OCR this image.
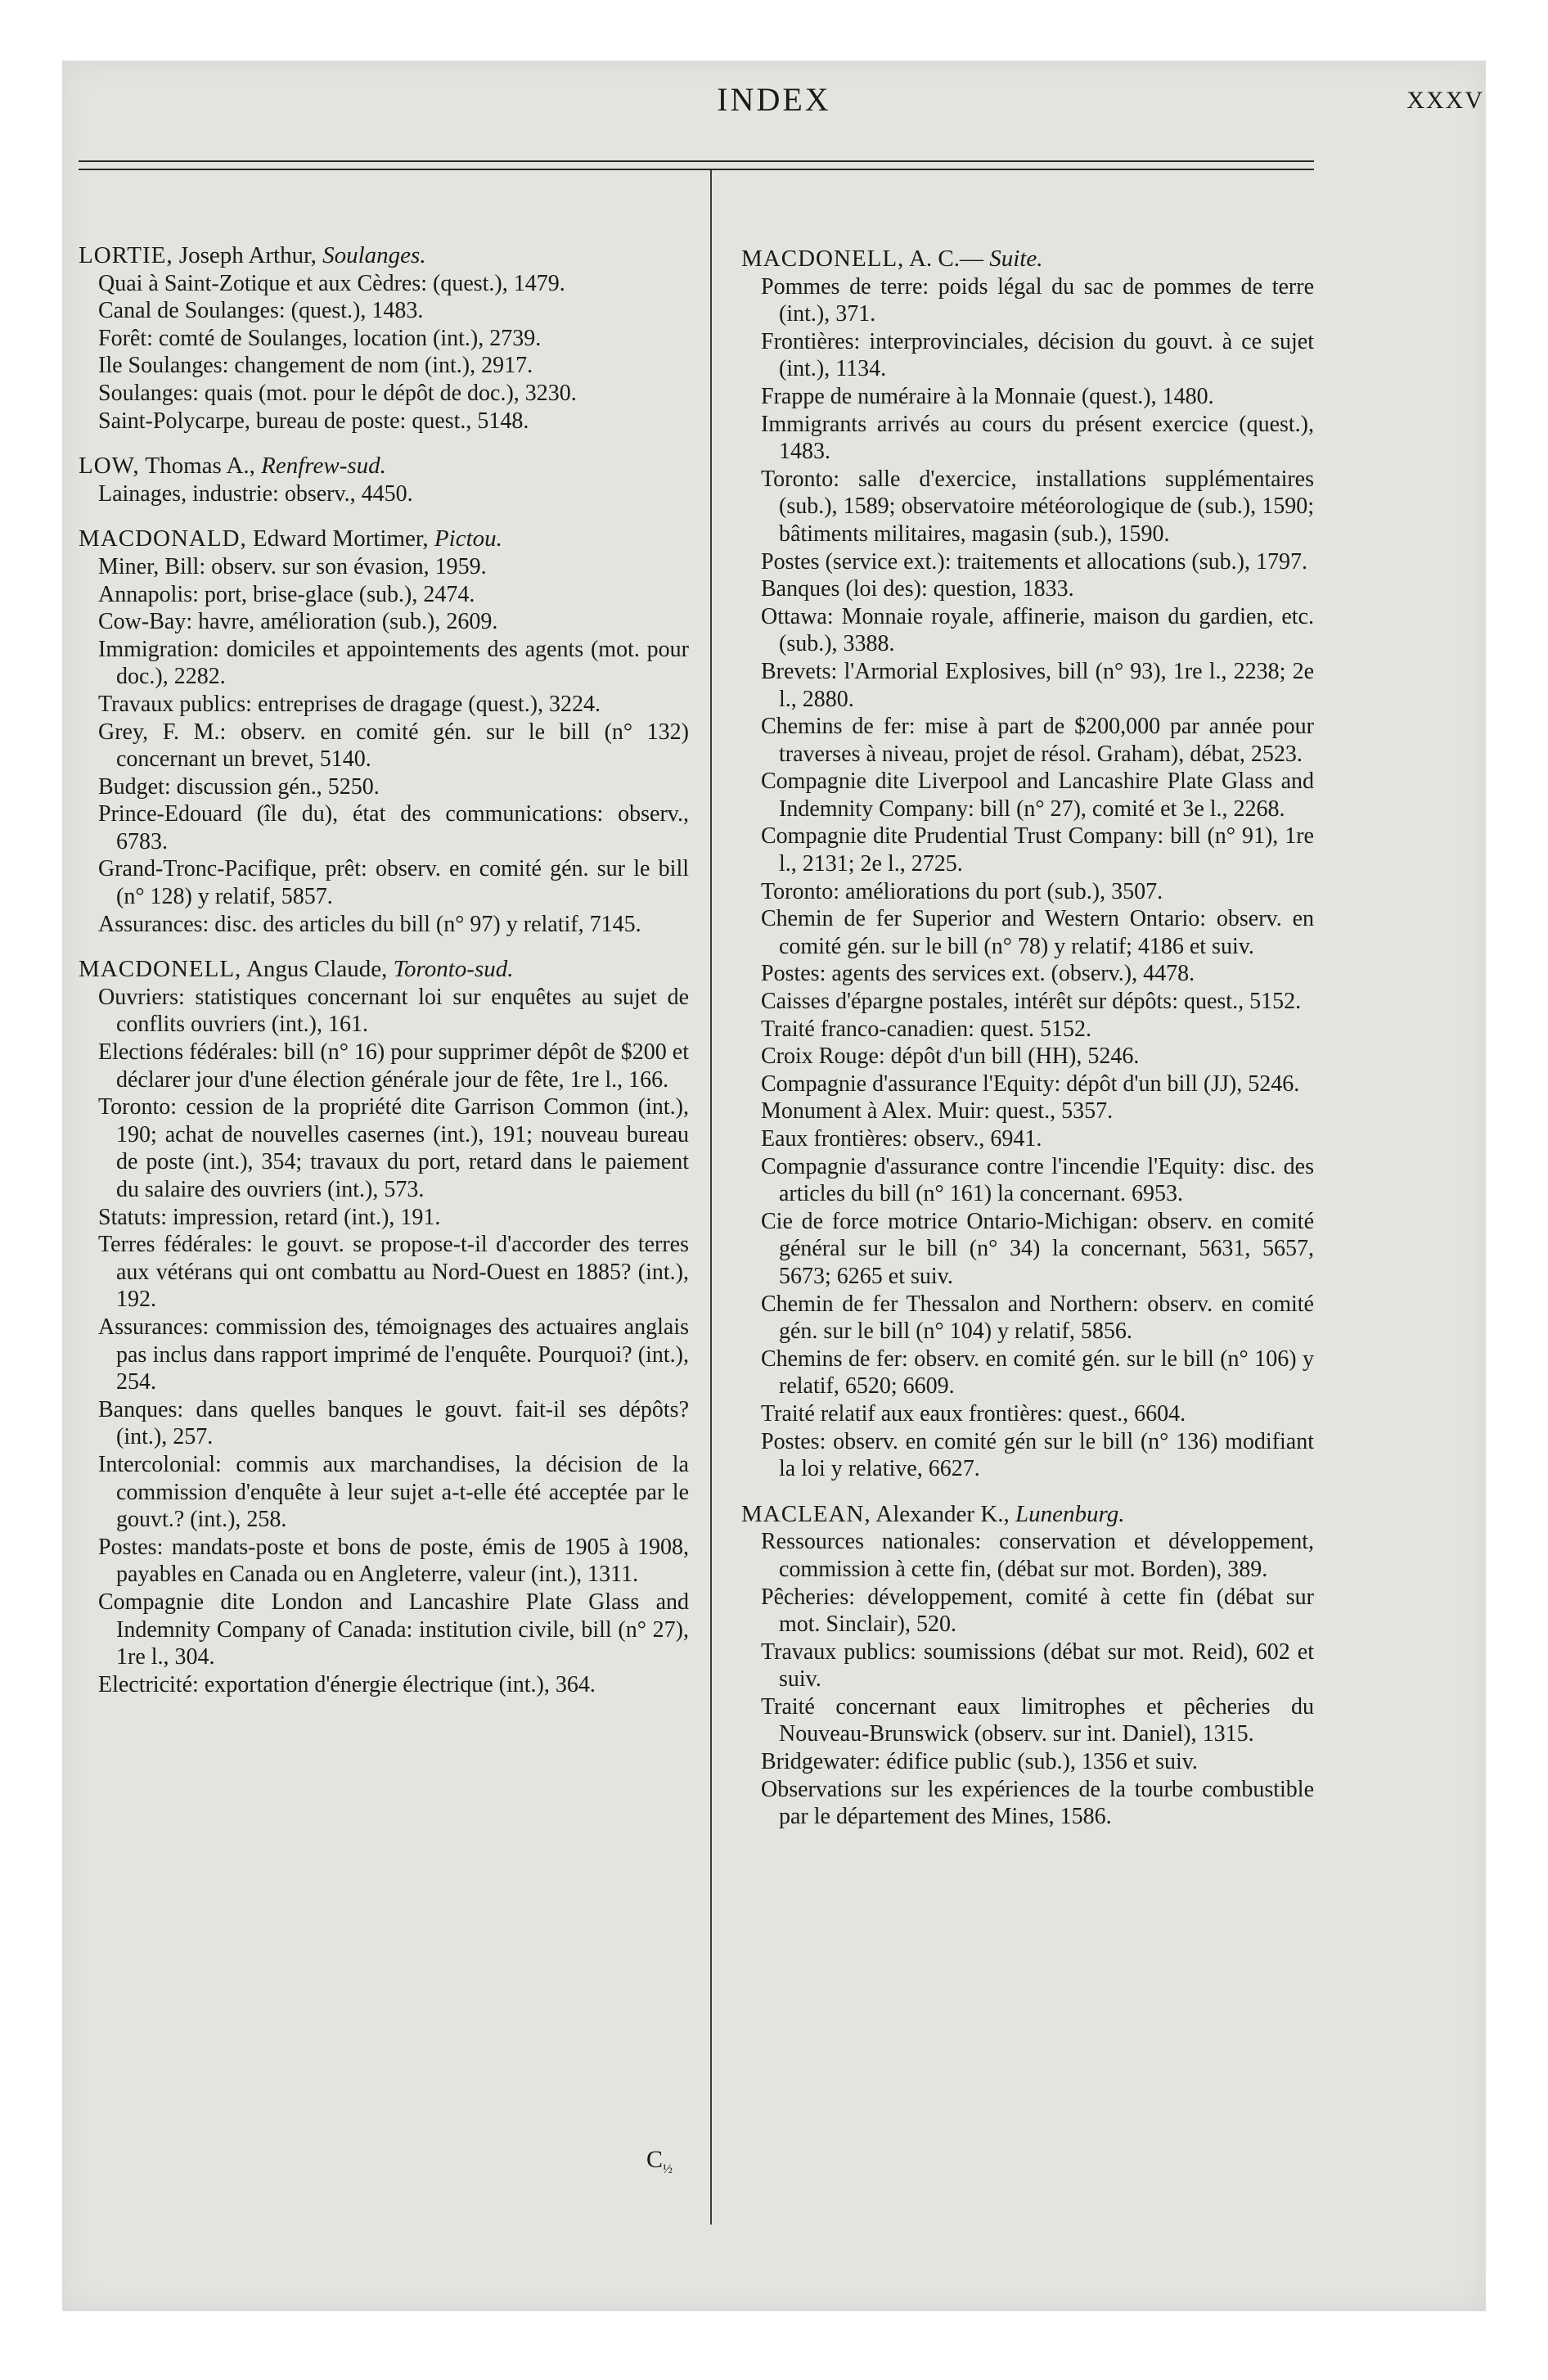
INDEX	XXXV
LORTIE, Joseph Arthur, Soulanges.
Quai à Saint-Zotique et aux Cèdres: (quest.), 1479.
Canal de Soulanges: (quest.), 1483.
Forêt: comté de Soulanges, location (int.), 2739.
Ile Soulanges: changement de nom (int.), 2917.
Soulanges: quais (mot. pour le dépôt de doc.), 3230.
Saint-Polycarpe, bureau de poste: quest., 5148.
LOW, Thomas A., Renfrew-sud.
Lainages, industrie: observ., 4450.
MACDONALD, Edward Mortimer, Pictou.
Miner, Bill: observ. sur son évasion, 1959.
Annapolis: port, brise-glace (sub.), 2474.
Cow-Bay: havre, amélioration (sub.), 2609.
Immigration: domiciles et appointements des agents (mot. pour doc.), 2282.
Travaux publics: entreprises de dragage (quest.), 3224.
Grey, F. M.: observ. en comité gén. sur le bill (n° 132) concernant un brevet, 5140.
Budget: discussion gén., 5250.
Prince-Edouard (île du), état des communications: observ., 6783.
Grand-Tronc-Pacifique, prêt: observ. en comité gén. sur le bill (n° 128) y relatif, 5857.
Assurances: disc. des articles du bill (n° 97) y relatif, 7145.
MACDONELL, Angus Claude, Toronto-sud.
Ouvriers: statistiques concernant loi sur enquêtes au sujet de conflits ouvriers (int.), 161.
Elections fédérales: bill (n° 16) pour supprimer dépôt de $200 et déclarer jour d'une élection générale jour de fête, 1re l., 166.
Toronto: cession de la propriété dite Garrison Common (int.), 190; achat de nouvelles casernes (int.), 191; nouveau bureau de poste (int.), 354; travaux du port, retard dans le paiement du salaire des ouvriers (int.), 573.
Statuts: impression, retard (int.), 191.
Terres fédérales: le gouvt. se propose-t-il d'accorder des terres aux vétérans qui ont combattu au Nord-Ouest en 1885? (int.), 192.
Assurances: commission des, témoignages des actuaires anglais pas inclus dans rapport imprimé de l'enquête. Pourquoi? (int.), 254.
Banques: dans quelles banques le gouvt. fait-il ses dépôts? (int.), 257.
Intercolonial: commis aux marchandises, la décision de la commission d'enquête à leur sujet a-t-elle été acceptée par le gouvt.? (int.), 258.
Postes: mandats-poste et bons de poste, émis de 1905 à 1908, payables en Canada ou en Angleterre, valeur (int.), 1311.
Compagnie dite London and Lancashire Plate Glass and Indemnity Company of Canada: institution civile, bill (n° 27), 1re l., 304.
Electricité: exportation d'énergie électrique (int.), 364.
MACDONELL, A. C.— Suite.
Pommes de terre: poids légal du sac de pommes de terre (int.), 371.
Frontières: interprovinciales, décision du gouvt. à ce sujet (int.), 1134.
Frappe de numéraire à la Monnaie (quest.), 1480.
Immigrants arrivés au cours du présent exercice (quest.), 1483.
Toronto: salle d'exercice, installations supplémentaires (sub.), 1589; observatoire météorologique de (sub.), 1590; bâtiments militaires, magasin (sub.), 1590.
Postes (service ext.): traitements et allocations (sub.), 1797.
Banques (loi des): question, 1833.
Ottawa: Monnaie royale, affinerie, maison du gardien, etc. (sub.), 3388.
Brevets: l'Armorial Explosives, bill (n° 93), 1re l., 2238; 2e l., 2880.
Chemins de fer: mise à part de $200,000 par année pour traverses à niveau, projet de résol. Graham), débat, 2523.
Compagnie dite Liverpool and Lancashire Plate Glass and Indemnity Company: bill (n° 27), comité et 3e l., 2268.
Compagnie dite Prudential Trust Company: bill (n° 91), 1re l., 2131; 2e l., 2725.
Toronto: améliorations du port (sub.), 3507.
Chemin de fer Superior and Western Ontario: observ. en comité gén. sur le bill (n° 78) y relatif; 4186 et suiv.
Postes: agents des services ext. (observ.), 4478.
Caisses d'épargne postales, intérêt sur dépôts: quest., 5152.
Traité franco-canadien: quest. 5152.
Croix Rouge: dépôt d'un bill (HH), 5246.
Compagnie d'assurance l'Equity: dépôt d'un bill (JJ), 5246.
Monument à Alex. Muir: quest., 5357.
Eaux frontières: observ., 6941.
Compagnie d'assurance contre l'incendie l'Equity: disc. des articles du bill (n° 161) la concernant. 6953.
Cie de force motrice Ontario-Michigan: observ. en comité général sur le bill (n° 34) la concernant, 5631, 5657, 5673; 6265 et suiv.
Chemin de fer Thessalon and Northern: observ. en comité gén. sur le bill (n° 104) y relatif, 5856.
Chemins de fer: observ. en comité gén. sur le bill (n° 106) y relatif, 6520; 6609.
Traité relatif aux eaux frontières: quest., 6604.
Postes: observ. en comité gén sur le bill (n° 136) modifiant la loi y relative, 6627.
MACLEAN, Alexander K., Lunenburg.
Ressources nationales: conservation et développement, commission à cette fin, (débat sur mot. Borden), 389.
Pêcheries: développement, comité à cette fin (débat sur mot. Sinclair), 520.
Travaux publics: soumissions (débat sur mot. Reid), 602 et suiv.
Traité concernant eaux limitrophes et pêcheries du Nouveau-Brunswick (observ. sur int. Daniel), 1315.
Bridgewater: édifice public (sub.), 1356 et suiv.
Observations sur les expériences de la tourbe combustible par le département des Mines, 1586.
$C_{\frac{1}{2}}$
